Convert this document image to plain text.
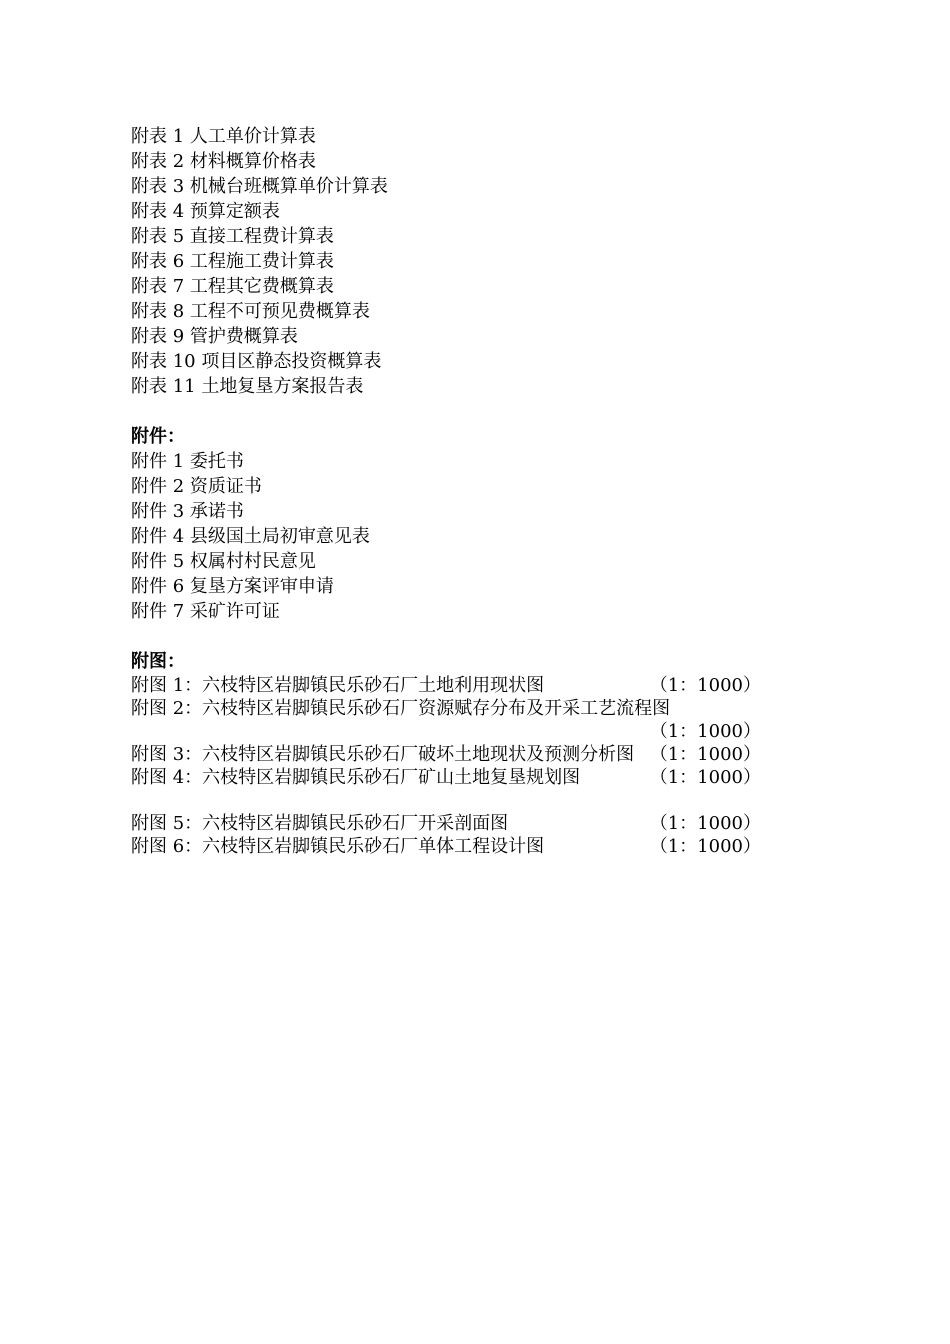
附表 1 人工单价计算表
附表 2 材料概算价格表
附表 3 机械台班概算单价计算表
附表 4 预算定额表
附表 5 直接工程费计算表
附表 6 工程施工费计算表
附表 7 工程其它费概算表
附表 8 工程不可预见费概算表
附表 9 管护费概算表
附表 10 项目区静态投资概算表
附表 11 土地复垦方案报告表
附件：
附件 1 委托书
附件 2 资质证书
附件 3 承诺书
附件 4 县级国土局初审意见表
附件 5 权属村村民意见
附件 6 复垦方案评审申请
附件 7 采矿许可证
附图：
附图 1：六枝特区岩脚镇民乐砂石厂土地利用现状图	（1：1000）
附图 2：六枝特区岩脚镇民乐砂石厂资源赋存分布及开采工艺流程图
（1：1000）
附图 3：六枝特区岩脚镇民乐砂石厂破坏土地现状及预测分析图 （1：1000）
附图 4：六枝特区岩脚镇民乐砂石厂矿山土地复垦规划图	（1：1000）
附图 5：六枝特区岩脚镇民乐砂石厂开采剖面图	（1：1000）
附图 6：六枝特区岩脚镇民乐砂石厂单体工程设计图	（1：1000）
